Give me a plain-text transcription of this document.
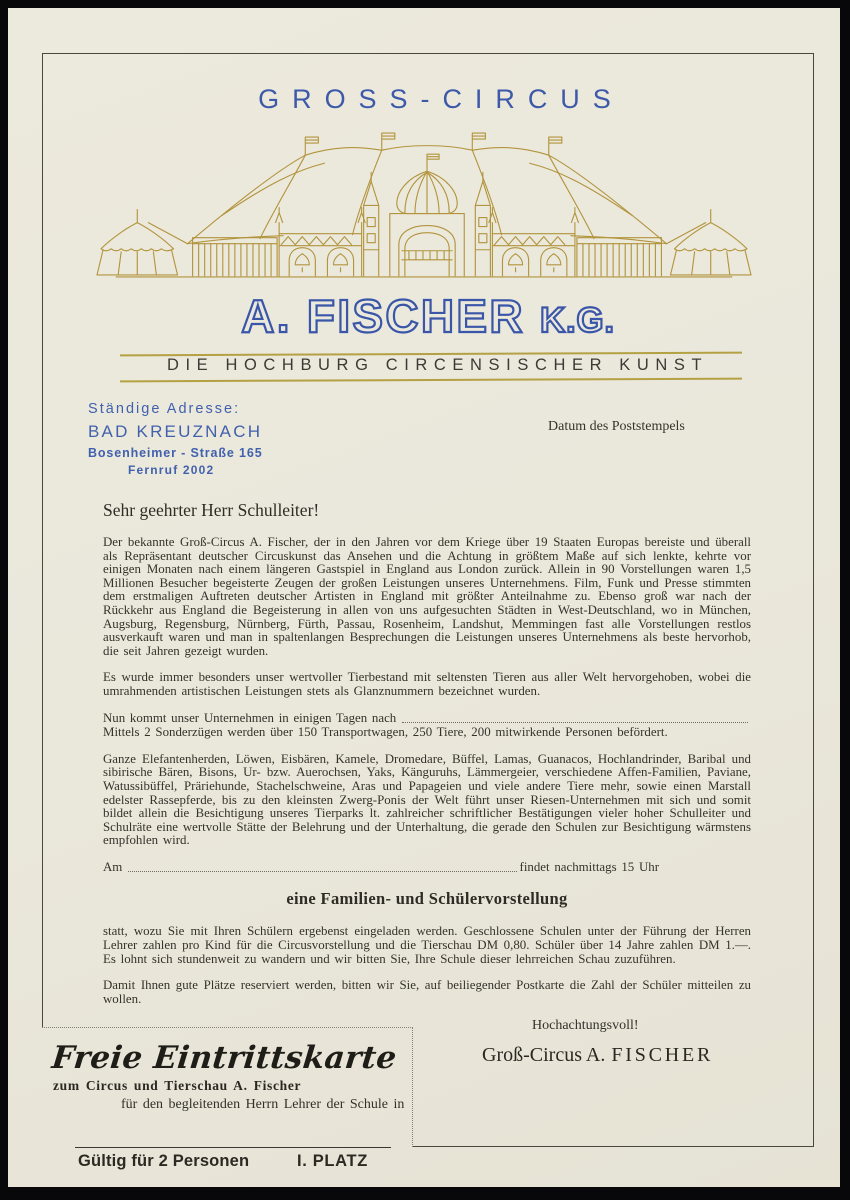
GROSS-CIRCUS
A. FISCHER K.G.
DIE HOCHBURG CIRCENSISCHER KUNST
Ständige Adresse:
BAD KREUZNACH
Bosenheimer - Straße 165
Fernruf 2002
Datum des Poststempels
Sehr geehrter Herr Schulleiter!

Der bekannte Groß-Circus A. Fischer, der in den Jahren vor dem Kriege über 19 Staaten Europas bereiste und überall als Repräsentant deutscher Circuskunst das Ansehen und die Achtung in größtem Maße auf sich lenkte, kehrte vor einigen Monaten nach einem längeren Gastspiel in England aus London zurück. Allein in 90 Vorstellungen waren 1,5 Millionen Besucher begeisterte Zeugen der großen Leistungen unseres Unternehmens. Film, Funk und Presse stimmten dem erstmaligen Auftreten deutscher Artisten in England mit größter Anteilnahme zu. Ebenso groß war nach der Rückkehr aus England die Begeisterung in allen von uns aufgesuchten Städten in West-Deutschland, wo in München, Augsburg, Regensburg, Nürnberg, Fürth, Passau, Rosenheim, Landshut, Memmingen fast alle Vorstellungen restlos ausverkauft waren und man in spaltenlangen Besprechungen die Leistungen unseres Unternehmens als beste hervorhob, die seit Jahren gezeigt wurden.

Es wurde immer besonders unser wertvoller Tierbestand mit seltensten Tieren aus aller Welt hervorgehoben, wobei die umrahmenden artistischen Leistungen stets als Glanznummern bezeichnet wurden.

Nun kommt unser Unternehmen in einigen Tagen nach

Mittels 2 Sonderzügen werden über 150 Transportwagen, 250 Tiere, 200 mitwirkende Personen befördert.

Ganze Elefantenherden, Löwen, Eisbären, Kamele, Dromedare, Büffel, Lamas, Guanacos, Hochlandrinder, Baribal und sibirische Bären, Bisons, Ur- bzw. Auerochsen, Yaks, Känguruhs, Lämmergeier, verschiedene Affen-Familien, Paviane, Watussibüffel, Präriehunde, Stachelschweine, Aras und Papageien und viele andere Tiere mehr, sowie einen Marstall edelster Rassepferde, bis zu den kleinsten Zwerg-Ponis der Welt führt unser Riesen-Unternehmen mit sich und somit bildet allein die Besichtigung unseres Tierparks lt. zahlreicher schriftlicher Bestätigungen vieler hoher Schulleiter und Schulräte eine wertvolle Stätte der Belehrung und der Unterhaltung, die gerade den Schulen zur Besichtigung wärmstens empfohlen wird.

Am	findet nachmittags 15 Uhr
eine Familien- und Schülervorstellung

statt, wozu Sie mit Ihren Schülern ergebenst eingeladen werden. Geschlossene Schulen unter der Führung der Herren Lehrer zahlen pro Kind für die Circusvorstellung und die Tierschau DM 0,80. Schüler über 14 Jahre zahlen DM 1.—. Es lohnt sich stundenweit zu wandern und wir bitten Sie, Ihre Schule dieser lehrreichen Schau zuzuführen.

Damit Ihnen gute Plätze reserviert werden, bitten wir Sie, auf beiliegender Postkarte die Zahl der Schüler mitteilen zu wollen.

Hochachtungsvoll!
Groß-Circus A. FISCHER
Freie Eintrittskarte
zum Circus und Tierschau A. Fischer
für den begleitenden Herrn Lehrer der Schule in
Gültig für 2 Personen	I. PLATZ
